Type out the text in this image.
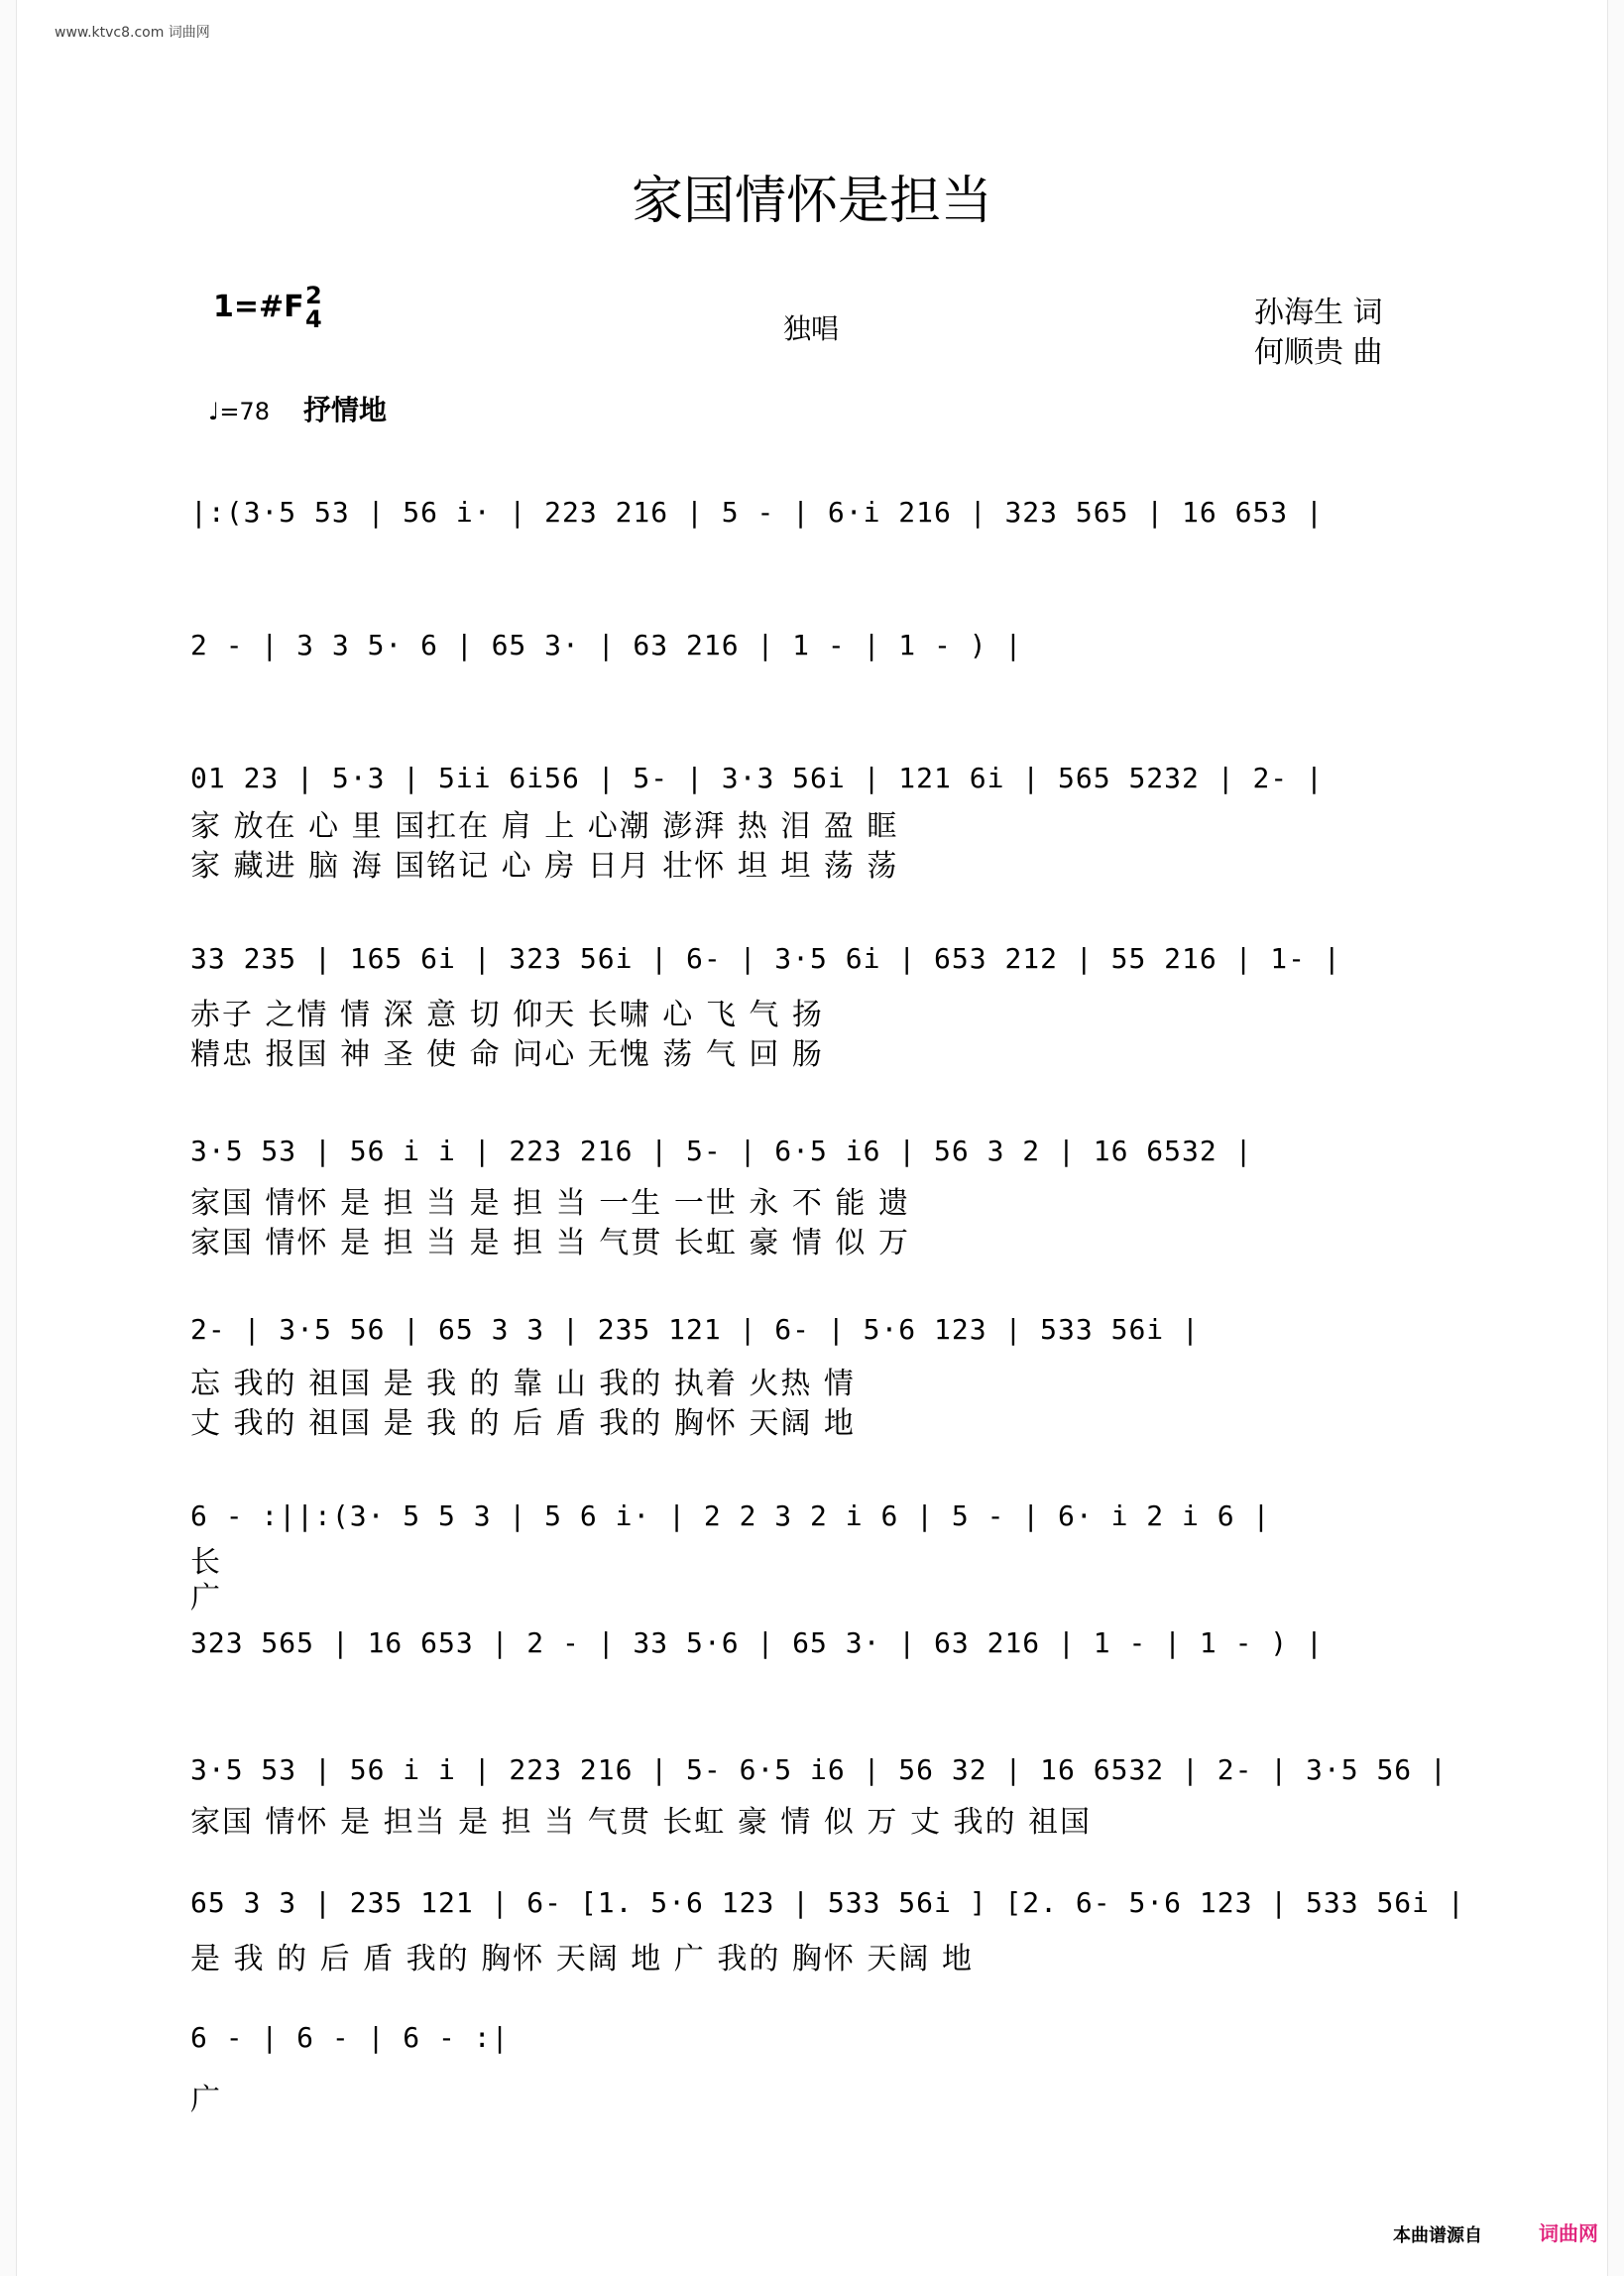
www.ktvc8.com 词曲网
家国情怀是担当
1=#F 2
4	独唱	孙海生 词
何顺贵 曲
♩=78 抒情地
|:(3·5 53 | 56 i· | 223 216 | 5 - | 6·i 216 | 323 565 | 16 653 |
2 - | 3 3 5· 6 | 65 3· | 63 216 | 1 - | 1 - ) |
01 23 | 5·3 | 5ii 6i56 | 5- | 3·3 56i | 121 6i | 565 5232 | 2- |
家 放在 心 里 国扛在 肩 上 心潮 澎湃 热 泪 盈 眶
家 藏进 脑 海 国铭记 心 房 日月 壮怀 坦 坦 荡 荡
33 235 | 165 6i | 323 56i | 6- | 3·5 6i | 653 212 | 55 216 | 1- |
赤子 之情 情 深 意 切 仰天 长啸 心 飞 气 扬
精忠 报国 神 圣 使 命 问心 无愧 荡 气 回 肠
3·5 53 | 56 i i | 223 216 | 5- | 6·5 i6 | 56 3 2 | 16 6532 |
家国 情怀 是 担 当 是 担 当 一生 一世 永 不 能 遗
家国 情怀 是 担 当 是 担 当 气贯 长虹 豪 情 似 万
2- | 3·5 56 | 65 3 3 | 235 121 | 6- | 5·6 123 | 533 56i |
忘 我的 祖国 是 我 的 靠 山 我的 执着 火热 情
丈 我的 祖国 是 我 的 后 盾 我的 胸怀 天阔 地
6 - :||:(3· 5 5 3 | 5 6 i· | 2 2 3 2 i 6 | 5 - | 6· i 2 i 6 |
长
广
323 565 | 16 653 | 2 - | 33 5·6 | 65 3· | 63 216 | 1 - | 1 - ) |
3·5 53 | 56 i i | 223 216 | 5- 6·5 i6 | 56 32 | 16 6532 | 2- | 3·5 56 |
家国 情怀 是 担当 是 担 当 气贯 长虹 豪 情 似 万 丈 我的 祖国
65 3 3 | 235 121 | 6- [1. 5·6 123 | 533 56i ] [2. 6- 5·6 123 | 533 56i |
是 我 的 后 盾 我的 胸怀 天阔 地 广 我的 胸怀 天阔 地
6 - | 6 - | 6 - :|
广
本曲谱源自	词曲网
